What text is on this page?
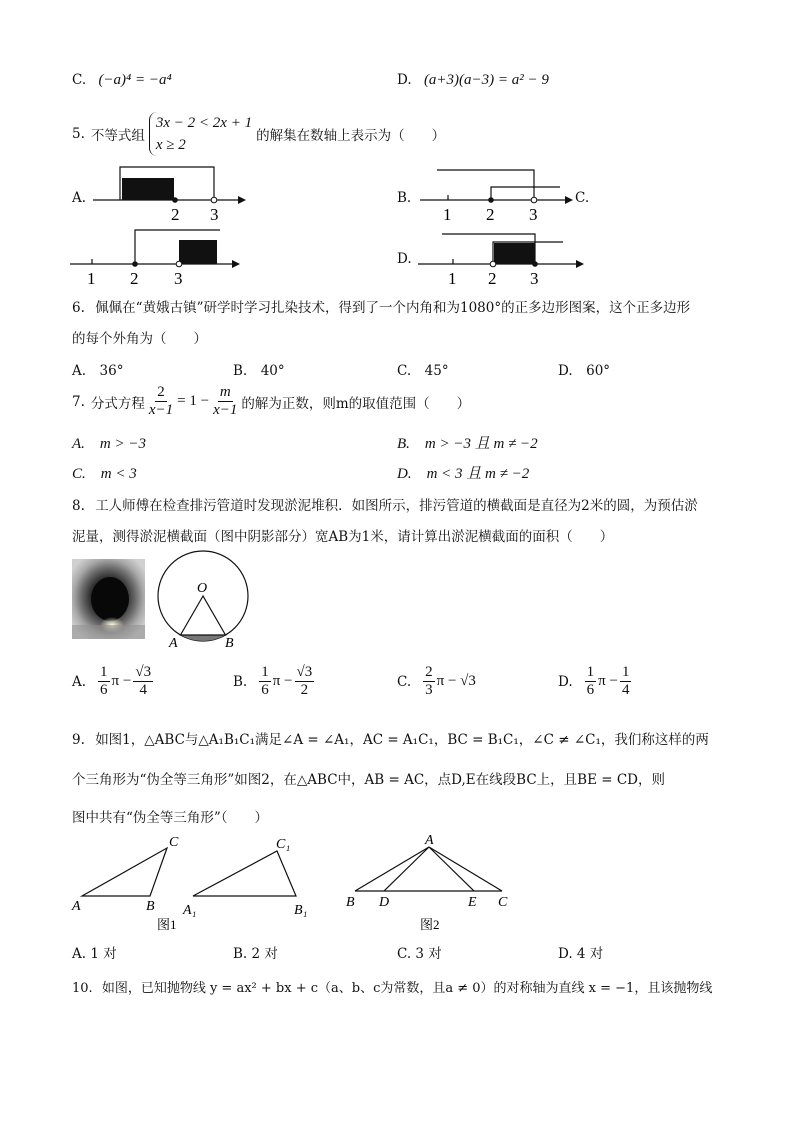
C. (−a)⁴ = −a⁴	D. (a+3)(a−3) = a² − 9
5. 不等式组
3x − 2 < 2x + 1
x ≥ 2
的解集在数轴上表示为（　　）
A.
2 3
B.
1 2 3
C.
1 2 3
D.
1 2 3
6. 佩佩在“黄娥古镇”研学时学习扎染技术，得到了一个内角和为1080°的正多边形图案，这个正多边形
的每个外角为（　　）
A.　36°	B.　40°	C.　45°	D.　60°
7. 分式方程 $\frac{2}{x-1} = 1 - \frac{m}{x-1}$ 的解为正数，则m的取值范围（　　）
A.　m > −3	B.　m > −3 且 m ≠ −2
C.　m < 3	D.　m < 3 且 m ≠ −2
8. 工人师傅在检查排污管道时发现淤泥堆积．如图所示，排污管道的横截面是直径为2米的圆，为预估淤
泥量，测得淤泥横截面（图中阴影部分）宽AB为1米，请计算出淤泥横截面的面积（　　）
O
A	B
A. $\frac{1}{6}$ $\pi - \frac{√3}{4}$	B. $\frac{1}{6}$ $\pi - \frac{√3}{2}$	C. $\frac{2}{3}$ π − √3	D. $\frac{1}{6}$ $\pi - \frac{1}{4}$
9. 如图1，△ABC与△A₁B₁C₁满足∠A = ∠A₁，AC = A₁C₁，BC = B₁C₁，∠C ≠ ∠C₁，我们称这样的两
个三角形为“伪全等三角形”如图2，在△ABC中，AB = AC，点D,E在线段BC上，且BE = CD，则
图中共有“伪全等三角形”（　　）
A	B
C
A₁	B₁
C₁
图1
A
B D	E C
图2
A. 1 对	B. 2 对	C. 3 对	D. 4 对
10. 如图，已知抛物线 y = ax² + bx + c（a、b、c为常数，且a ≠ 0）的对称轴为直线 x = −1，且该抛物线
